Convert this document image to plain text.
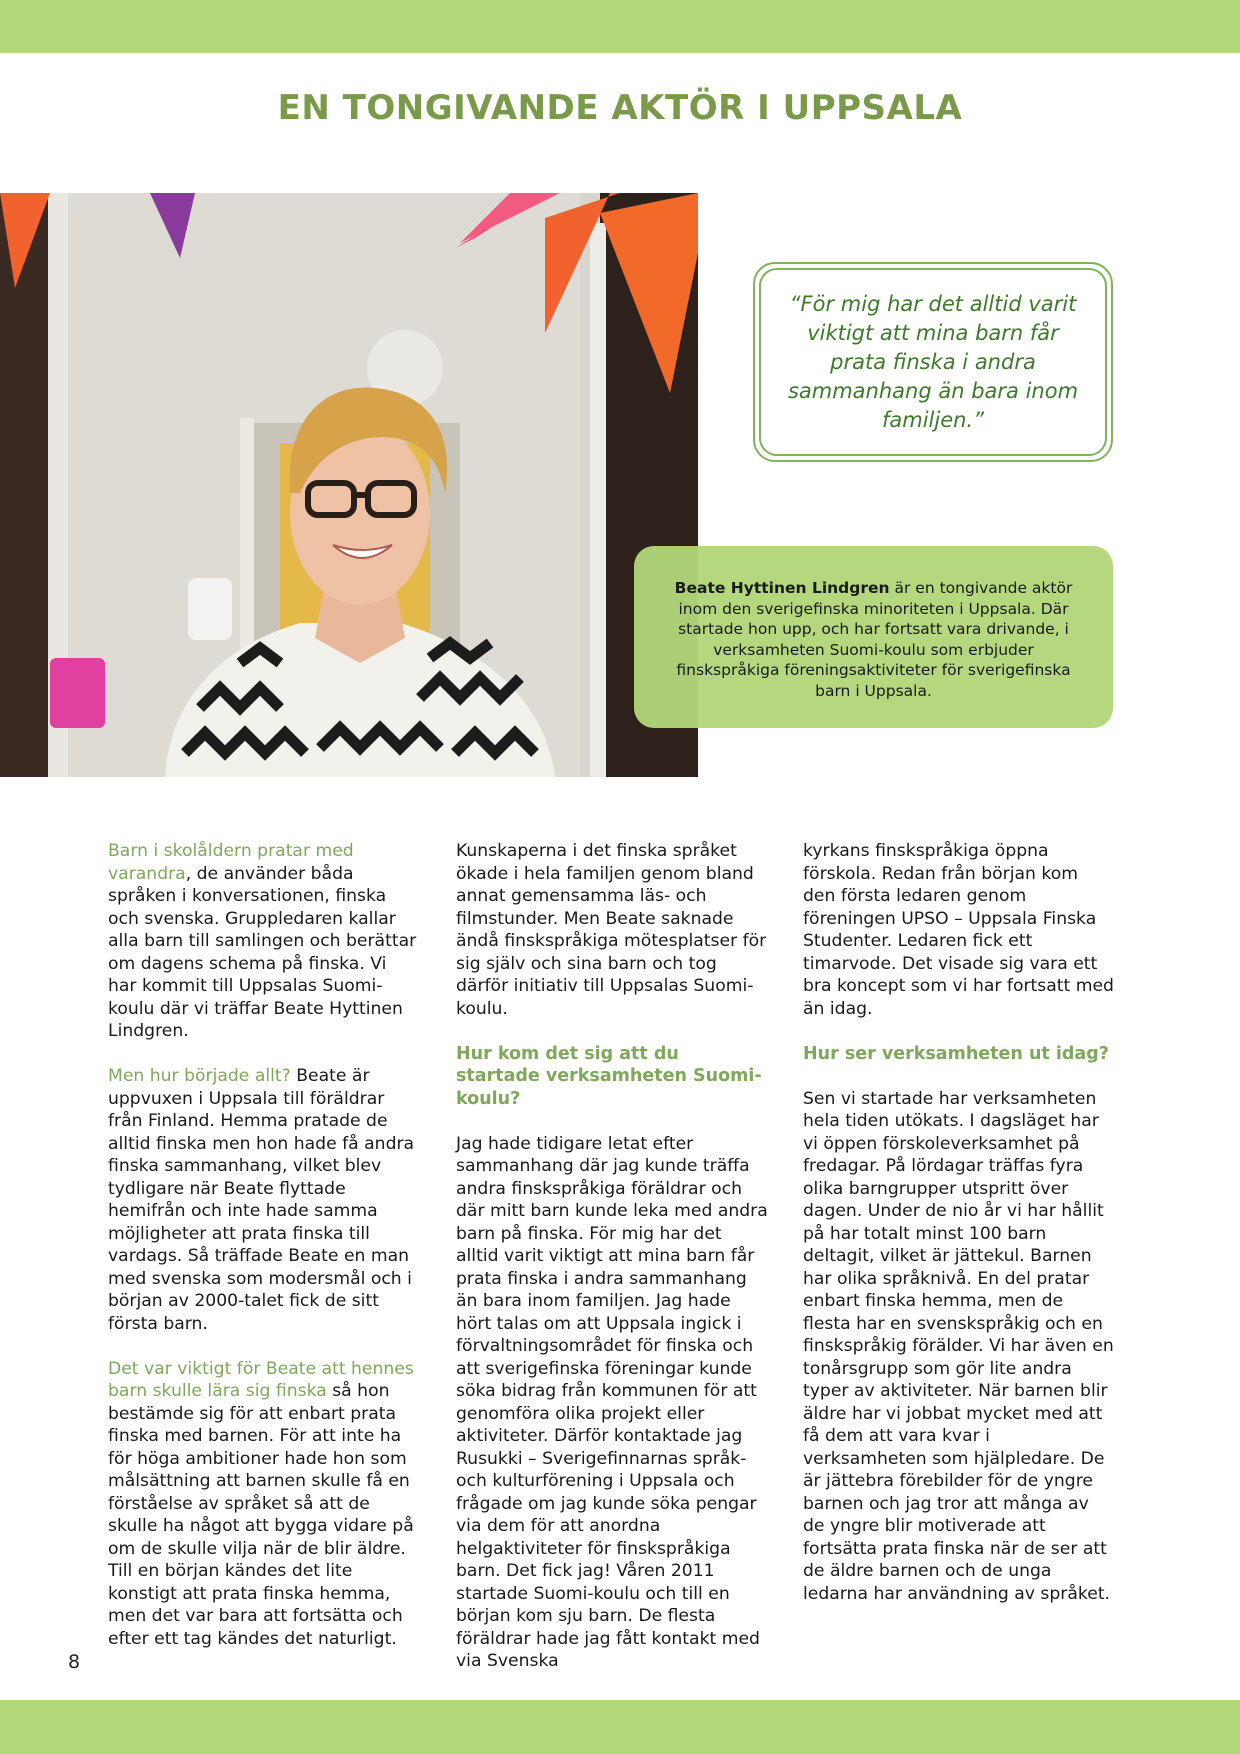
EN TONGIVANDE AKTÖR I UPPSALA
“För mig har det alltid varit viktigt att mina barn får prata finska i andra sammanhang än bara inom familjen.”
Beate Hyttinen Lindgren är en tongivande aktör inom den sverigefinska minoriteten i Uppsala. Där startade hon upp, och har fortsatt vara drivande, i verksamheten Suomi-koulu som erbjuder finskspråkiga föreningsaktiviteter för sverigefinska barn i Uppsala.

Barn i skolåldern pratar med varandra, de använder båda språken i konversationen, finska och svenska. Gruppledaren kallar alla barn till samlingen och berättar om dagens schema på finska. Vi har kommit till Uppsalas Suomi-koulu där vi träffar Beate Hyttinen Lindgren.

Men hur började allt? Beate är uppvuxen i Uppsala till föräldrar från Finland. Hemma pratade de alltid finska men hon hade få andra finska sammanhang, vilket blev tydligare när Beate flyttade hemifrån och inte hade samma möjligheter att prata finska till vardags. Så träffade Beate en man med svenska som modersmål och i början av 2000-talet fick de sitt första barn.

Det var viktigt för Beate att hennes barn skulle lära sig finska så hon bestämde sig för att enbart prata finska med barnen. För att inte ha för höga ambitioner hade hon som målsättning att barnen skulle få en förståelse av språket så att de skulle ha något att bygga vidare på om de skulle vilja när de blir äldre. Till en början kändes det lite konstigt att prata finska hemma, men det var bara att fortsätta och efter ett tag kändes det naturligt.

Kunskaperna i det finska språket ökade i hela familjen genom bland annat gemensamma läs- och filmstunder. Men Beate saknade ändå finskspråkiga mötesplatser för sig själv och sina barn och tog därför initiativ till Uppsalas Suomi-koulu.

Hur kom det sig att du startade verksamheten Suomi-koulu?

Jag hade tidigare letat efter sammanhang där jag kunde träffa andra finskspråkiga föräldrar och där mitt barn kunde leka med andra barn på finska. För mig har det alltid varit viktigt att mina barn får prata finska i andra sammanhang än bara inom familjen. Jag hade hört talas om att Uppsala ingick i förvaltningsområdet för finska och att sverigefinska föreningar kunde söka bidrag från kommunen för att genomföra olika projekt eller aktiviteter. Därför kontaktade jag Rusukki – Sverigefinnarnas språk- och kulturförening i Uppsala och frågade om jag kunde söka pengar via dem för att anordna helgaktiviteter för finskspråkiga barn. Det fick jag! Våren 2011 startade Suomi-koulu och till en början kom sju barn. De flesta föräldrar hade jag fått kontakt med via Svenska

kyrkans finskspråkiga öppna förskola. Redan från början kom den första ledaren genom föreningen UPSO – Uppsala Finska Studenter. Ledaren fick ett timarvode. Det visade sig vara ett bra koncept som vi har fortsatt med än idag.

Hur ser verksamheten ut idag?

Sen vi startade har verksamheten hela tiden utökats. I dagsläget har vi öppen förskoleverksamhet på fredagar. På lördagar träffas fyra olika barngrupper utspritt över dagen. Under de nio år vi har hållit på har totalt minst 100 barn deltagit, vilket är jättekul. Barnen har olika språknivå. En del pratar enbart finska hemma, men de flesta har en svenskspråkig och en finskspråkig förälder. Vi har även en tonårsgrupp som gör lite andra typer av aktiviteter. När barnen blir äldre har vi jobbat mycket med att få dem att vara kvar i verksamheten som hjälpledare. De är jättebra förebilder för de yngre barnen och jag tror att många av de yngre blir motiverade att fortsätta prata finska när de ser att de äldre barnen och de unga ledarna har användning av språket.

8
